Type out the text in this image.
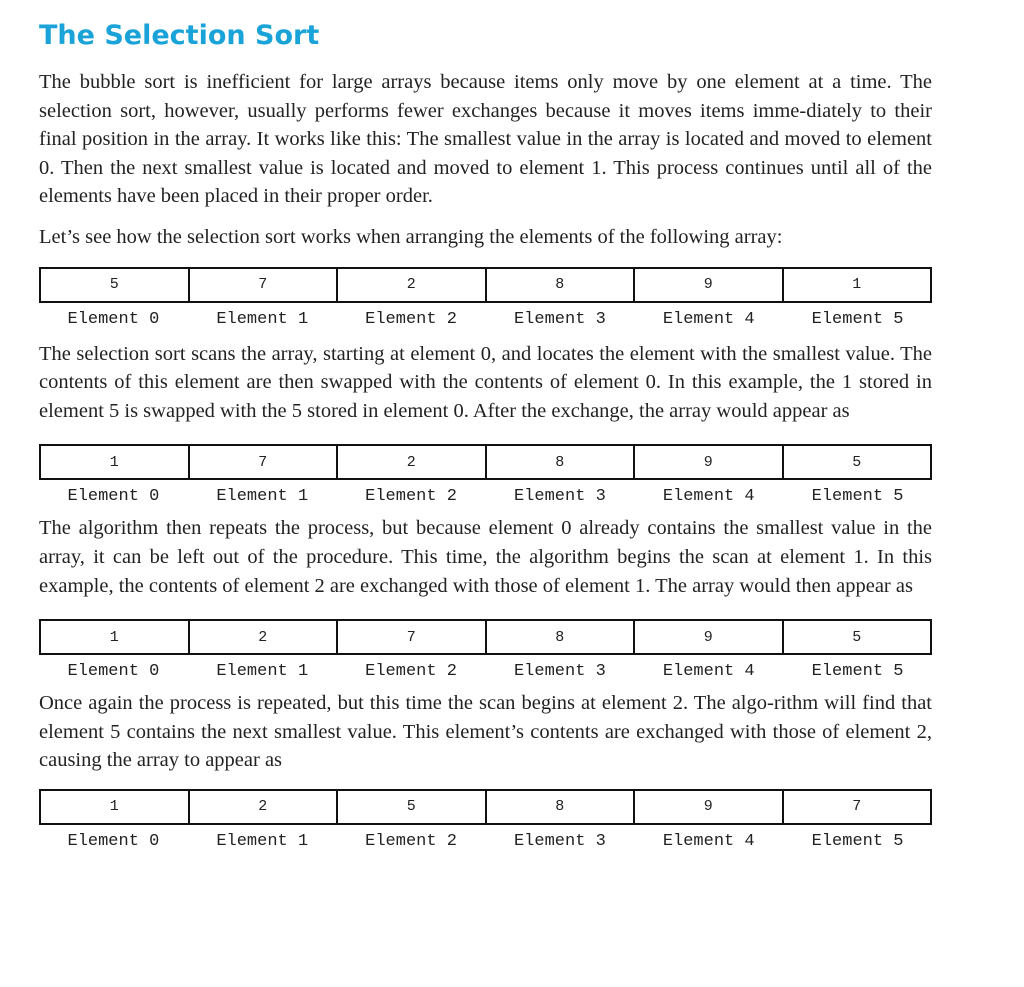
The Selection Sort

The bubble sort is inefficient for large arrays because items only move by one element at a time. The selection sort, however, usually performs fewer exchanges because it moves items imme-diately to their final position in the array. It works like this: The smallest value in the array is located and moved to element 0. Then the next smallest value is located and moved to element 1. This process continues until all of the elements have been placed in their proper order.

Let’s see how the selection sort works when arranging the elements of the following array:

5	7	2	8	9	1
Element 0	Element 1	Element 2	Element 3	Element 4	Element 5

The selection sort scans the array, starting at element 0, and locates the element with the smallest value. The contents of this element are then swapped with the contents of element 0. In this example, the 1 stored in element 5 is swapped with the 5 stored in element 0. After the exchange, the array would appear as

1	7	2	8	9	5
Element 0	Element 1	Element 2	Element 3	Element 4	Element 5

The algorithm then repeats the process, but because element 0 already contains the smallest value in the array, it can be left out of the procedure. This time, the algorithm begins the scan at element 1. In this example, the contents of element 2 are exchanged with those of element 1. The array would then appear as

1	2	7	8	9	5
Element 0	Element 1	Element 2	Element 3	Element 4	Element 5

Once again the process is repeated, but this time the scan begins at element 2. The algo-rithm will find that element 5 contains the next smallest value. This element’s contents are exchanged with those of element 2, causing the array to appear as

1	2	5	8	9	7
Element 0	Element 1	Element 2	Element 3	Element 4	Element 5
